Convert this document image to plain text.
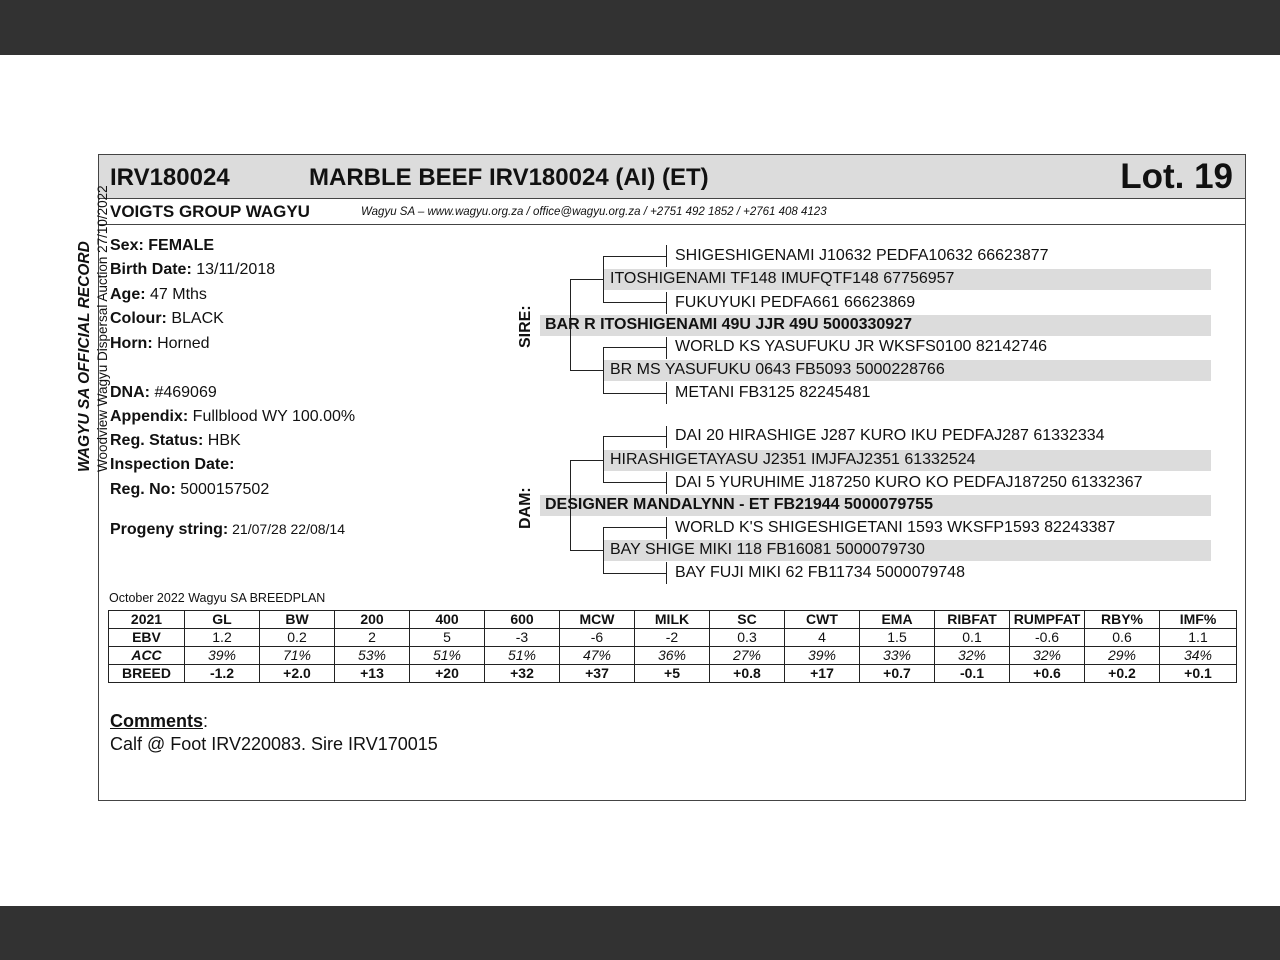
IRV180024	MARBLE BEEF IRV180024 (AI) (ET)	Lot. 19
VOIGTS GROUP WAGYU	Wagyu SA – www.wagyu.org.za / office@wagyu.org.za / +2751 492 1852 / +2761 408 4123
WAGYU SA OFFICIAL RECORD Woodview Wagyu Dispersal Auction 27/10/2022 Sex: FEMALE
Birth Date: 13/11/2018
Age: 47 Mths
Colour: BLACK
Horn: Horned
DNA: #469069
Appendix: Fullblood WY 100.00%
Reg. Status: HBK
Inspection Date:
Reg. No: 5000157502
Progeny string: 21/07/28 22/08/14
SIRE:
DAM:
SHIGESHIGENAMI J10632 PEDFA10632 66623877
ITOSHIGENAMI TF148 IMUFQTF148 67756957
FUKUYUKI PEDFA661 66623869
BAR R ITOSHIGENAMI 49U JJR 49U 5000330927
WORLD KS YASUFUKU JR WKSFS0100 82142746
BR MS YASUFUKU 0643 FB5093 5000228766
METANI FB3125 82245481
DAI 20 HIRASHIGE J287 KURO IKU PEDFAJ287 61332334
HIRASHIGETAYASU J2351 IMJFAJ2351 61332524
DAI 5 YURUHIME J187250 KURO KO PEDFAJ187250 61332367
DESIGNER MANDALYNN - ET FB21944 5000079755
WORLD K'S SHIGESHIGETANI 1593 WKSFP1593 82243387
BAY SHIGE MIKI 118 FB16081 5000079730
BAY FUJI MIKI 62 FB11734 5000079748
October 2022 Wagyu SA BREEDPLAN
2021	GL	BW	200	400	600	MCW	MILK	SC	CWT	EMA	RIBFAT	RUMPFAT	RBY%	IMF%
EBV	1.2	0.2	2	5	-3	-6	-2	0.3	4	1.5	0.1	-0.6	0.6	1.1
ACC	39%	71%	53%	51%	51%	47%	36%	27%	39%	33%	32%	32%	29%	34%
BREED	-1.2	+2.0	+13	+20	+32	+37	+5	+0.8	+17	+0.7	-0.1	+0.6	+0.2	+0.1
Comments:
Calf @ Foot IRV220083. Sire IRV170015
